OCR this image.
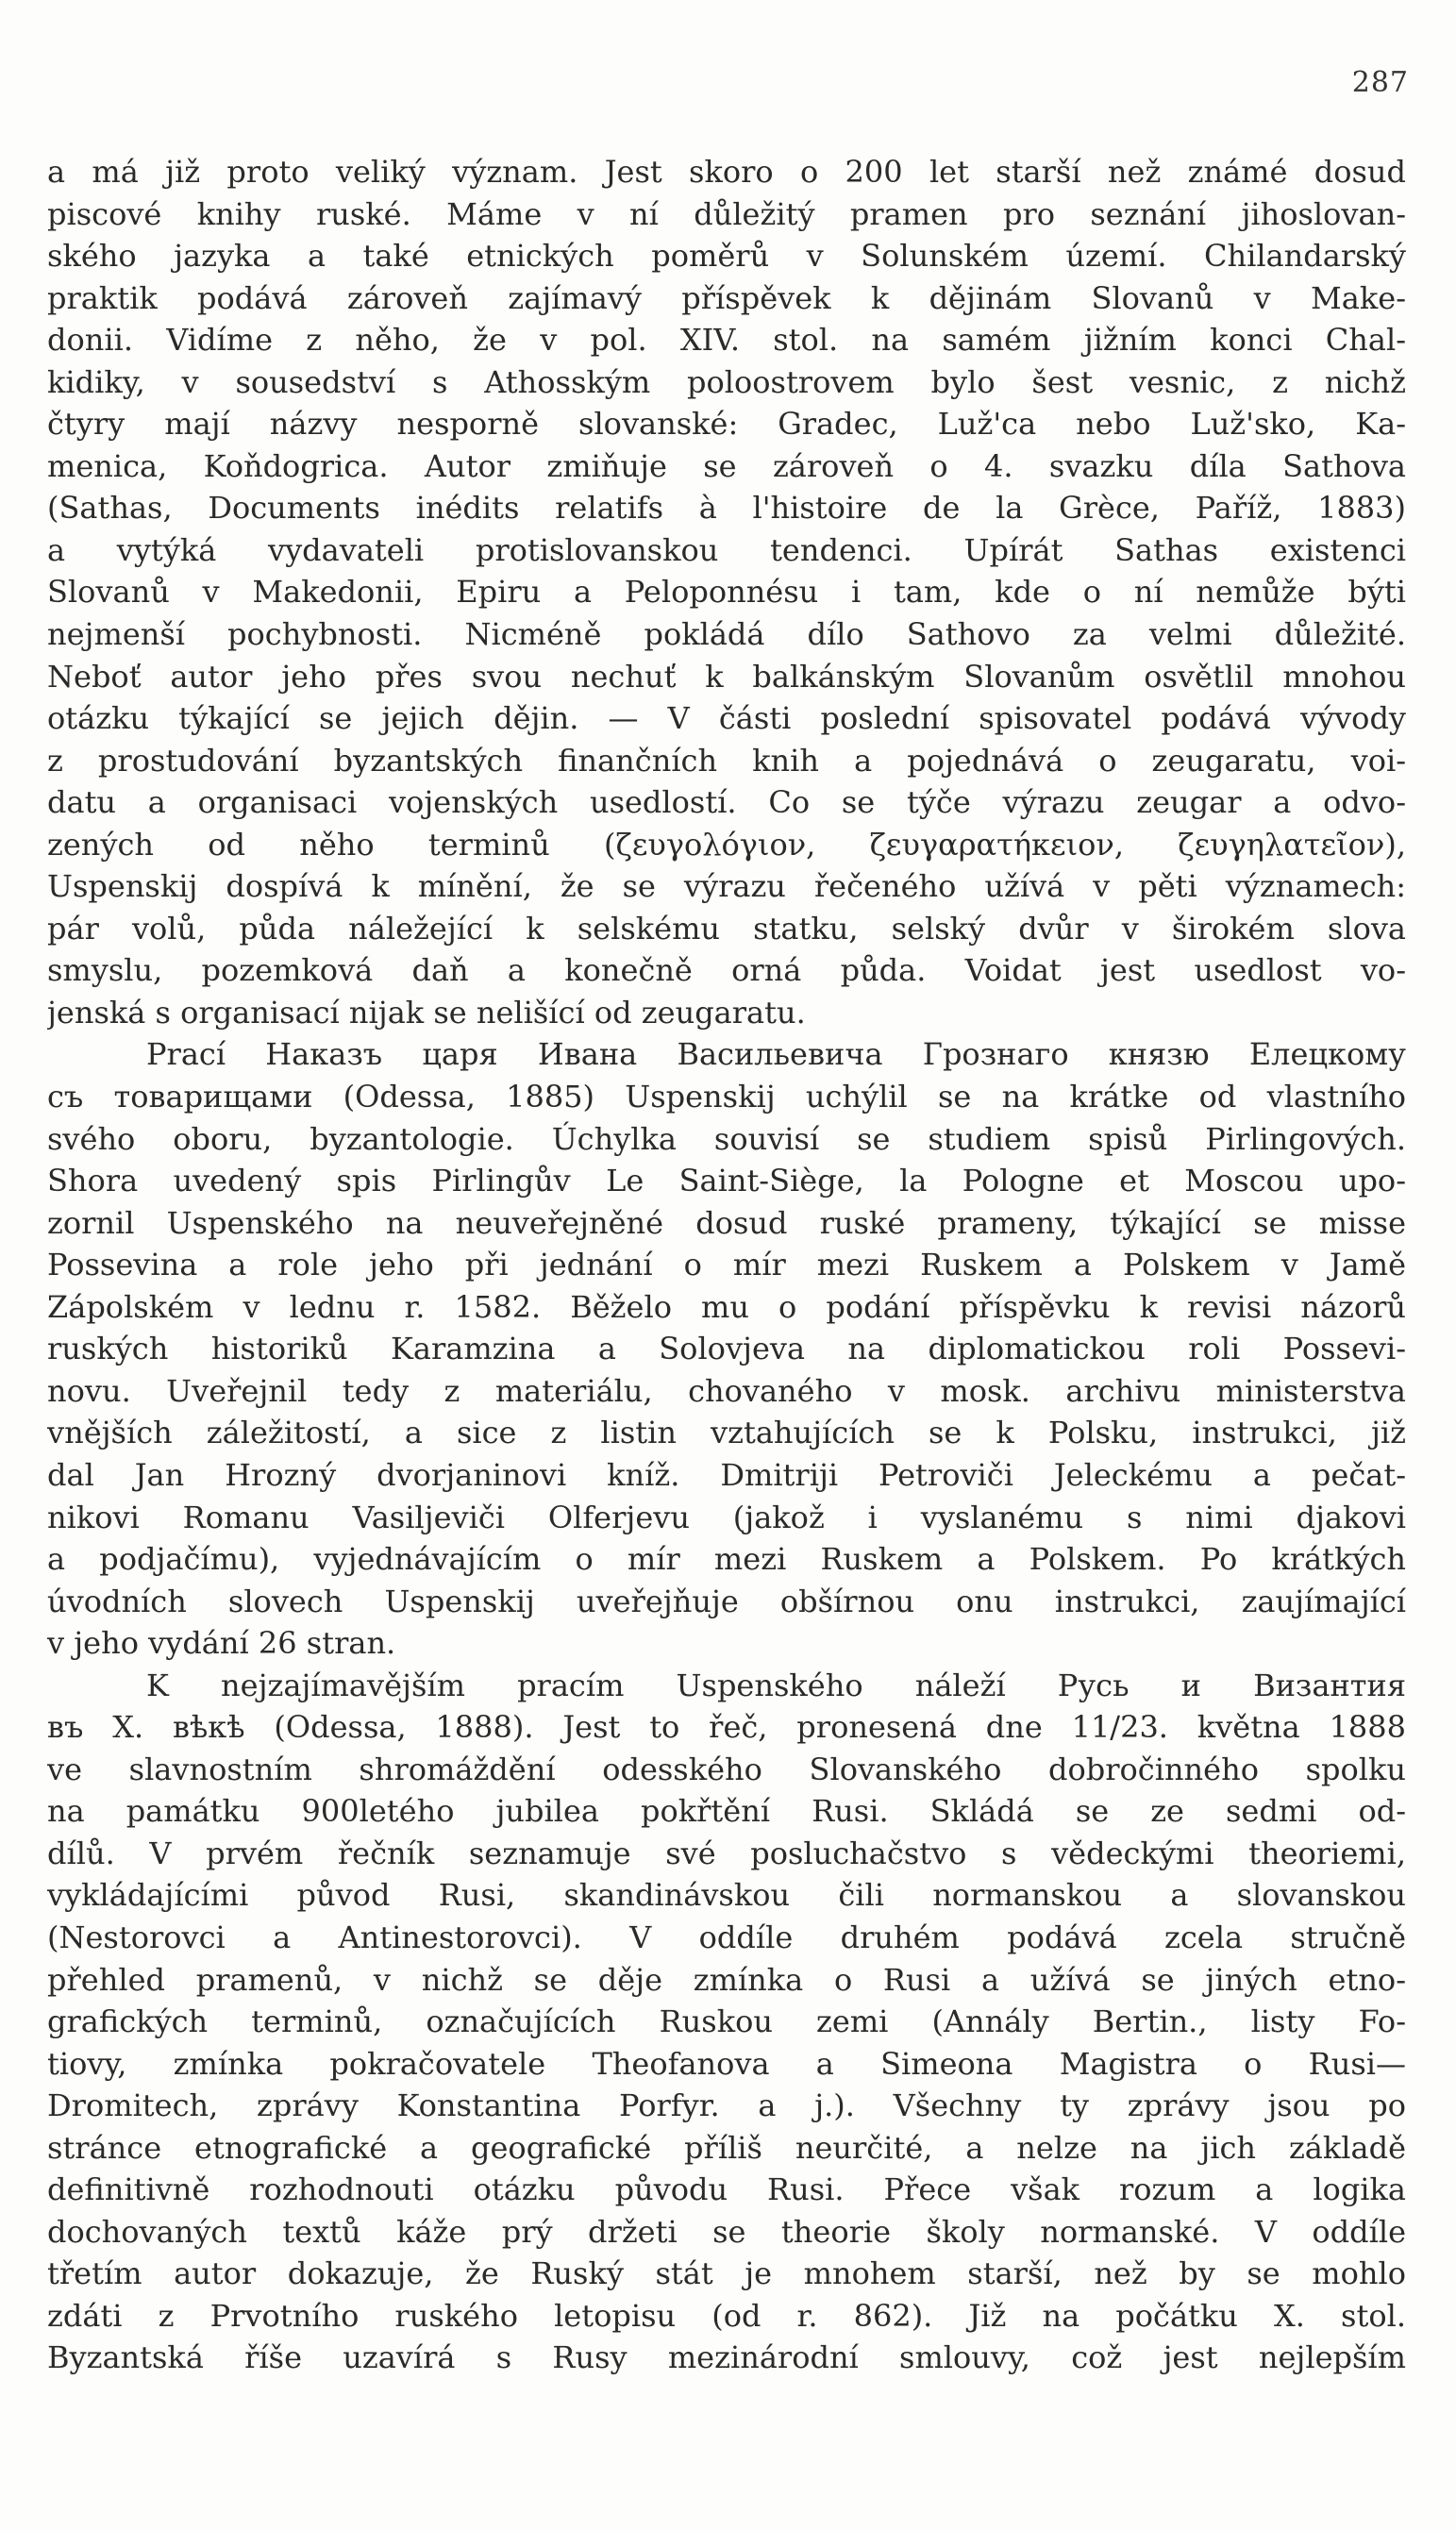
287
a má již proto veliký význam. Jest skoro o 200 let starší než známé dosud
piscové knihy ruské. Máme v ní důležitý pramen pro seznání jihoslovan-
ského jazyka a také etnických poměrů v Solunském území. Chilandarský
praktik podává zároveň zajímavý příspěvek k dějinám Slovanů v Make-
donii. Vidíme z něho, že v pol. XIV. stol. na samém jižním konci Chal-
kidiky, v sousedství s Athosským poloostrovem bylo šest vesnic, z nichž
čtyry mají názvy nesporně slovanské: Gradec, Luž'ca nebo Luž'sko, Ka-
menica, Koňdogrica. Autor zmiňuje se zároveň o 4. svazku díla Sathova
(Sathas, Documents inédits relatifs à l'histoire de la Grèce, Paříž, 1883)
a vytýká vydavateli protislovanskou tendenci. Upírát Sathas existenci
Slovanů v Makedonii, Epiru a Peloponnésu i tam, kde o ní nemůže býti
nejmenší pochybnosti. Nicméně pokládá dílo Sathovo za velmi důležité.
Neboť autor jeho přes svou nechuť k balkánským Slovanům osvětlil mnohou
otázku týkající se jejich dějin. — V části poslední spisovatel podává vývody
z prostudování byzantských finančních knih a pojednává o zeugaratu, voi-
datu a organisaci vojenských usedlostí. Co se týče výrazu zeugar a odvo-
zených od něho terminů (ζευγολόγιον, ζευγαρατήκειον, ζευγηλατεῖον),
Uspenskij dospívá k mínění, že se výrazu řečeného užívá v pěti významech:
pár volů, půda náležející k selskému statku, selský dvůr v širokém slova
smyslu, pozemková daň a konečně orná půda. Voidat jest usedlost vo-
jenská s organisací nijak se nelišící od zeugaratu.
Prací Наказъ царя Ивана Васильевича Грознаго князю Елецкому
съ товарищами (Odessa, 1885) Uspenskij uchýlil se na krátke od vlastního
svého oboru, byzantologie. Úchylka souvisí se studiem spisů Pirlingových.
Shora uvedený spis Pirlingův Le Saint-Siège, la Pologne et Moscou upo-
zornil Uspenského na neuveřejněné dosud ruské prameny, týkající se misse
Possevina a role jeho při jednání o mír mezi Ruskem a Polskem v Jamě
Zápolském v lednu r. 1582. Běželo mu o podání příspěvku k revisi názorů
ruských historiků Karamzina a Solovjeva na diplomatickou roli Possevi-
novu. Uveřejnil tedy z materiálu, chovaného v mosk. archivu ministerstva
vnějších záležitostí, a sice z listin vztahujících se k Polsku, instrukci, již
dal Jan Hrozný dvorjaninovi kníž. Dmitriji Petroviči Jeleckému a pečat-
nikovi Romanu Vasiljeviči Olferjevu (jakož i vyslanému s nimi djakovi
a podjačímu), vyjednávajícím o mír mezi Ruskem a Polskem. Po krátkých
úvodních slovech Uspenskij uveřejňuje obšírnou onu instrukci, zaujímající
v jeho vydání 26 stran.
K nejzajímavějším pracím Uspenského náleží Русь и Византия
въ X. вѣкѣ (Odessa, 1888). Jest to řeč, pronesená dne 11/23. května 1888
ve slavnostním shromáždění odesského Slovanského dobročinného spolku
na památku 900letého jubilea pokřtění Rusi. Skládá se ze sedmi od-
dílů. V prvém řečník seznamuje své posluchačstvo s vědeckými theoriemi,
vykládajícími původ Rusi, skandinávskou čili normanskou a slovanskou
(Nestorovci a Antinestorovci). V oddíle druhém podává zcela stručně
přehled pramenů, v nichž se děje zmínka o Rusi a užívá se jiných etno-
grafických terminů, označujících Ruskou zemi (Annály Bertin., listy Fo-
tiovy, zmínka pokračovatele Theofanova a Simeona Magistra o Rusi—
Dromitech, zprávy Konstantina Porfyr. a j.). Všechny ty zprávy jsou po
stránce etnografické a geografické příliš neurčité, a nelze na jich základě
definitivně rozhodnouti otázku původu Rusi. Přece však rozum a logika
dochovaných textů káže prý držeti se theorie školy normanské. V oddíle
třetím autor dokazuje, že Ruský stát je mnohem starší, než by se mohlo
zdáti z Prvotního ruského letopisu (od r. 862). Již na počátku X. stol.
Byzantská říše uzavírá s Rusy mezinárodní smlouvy, což jest nejlepším
